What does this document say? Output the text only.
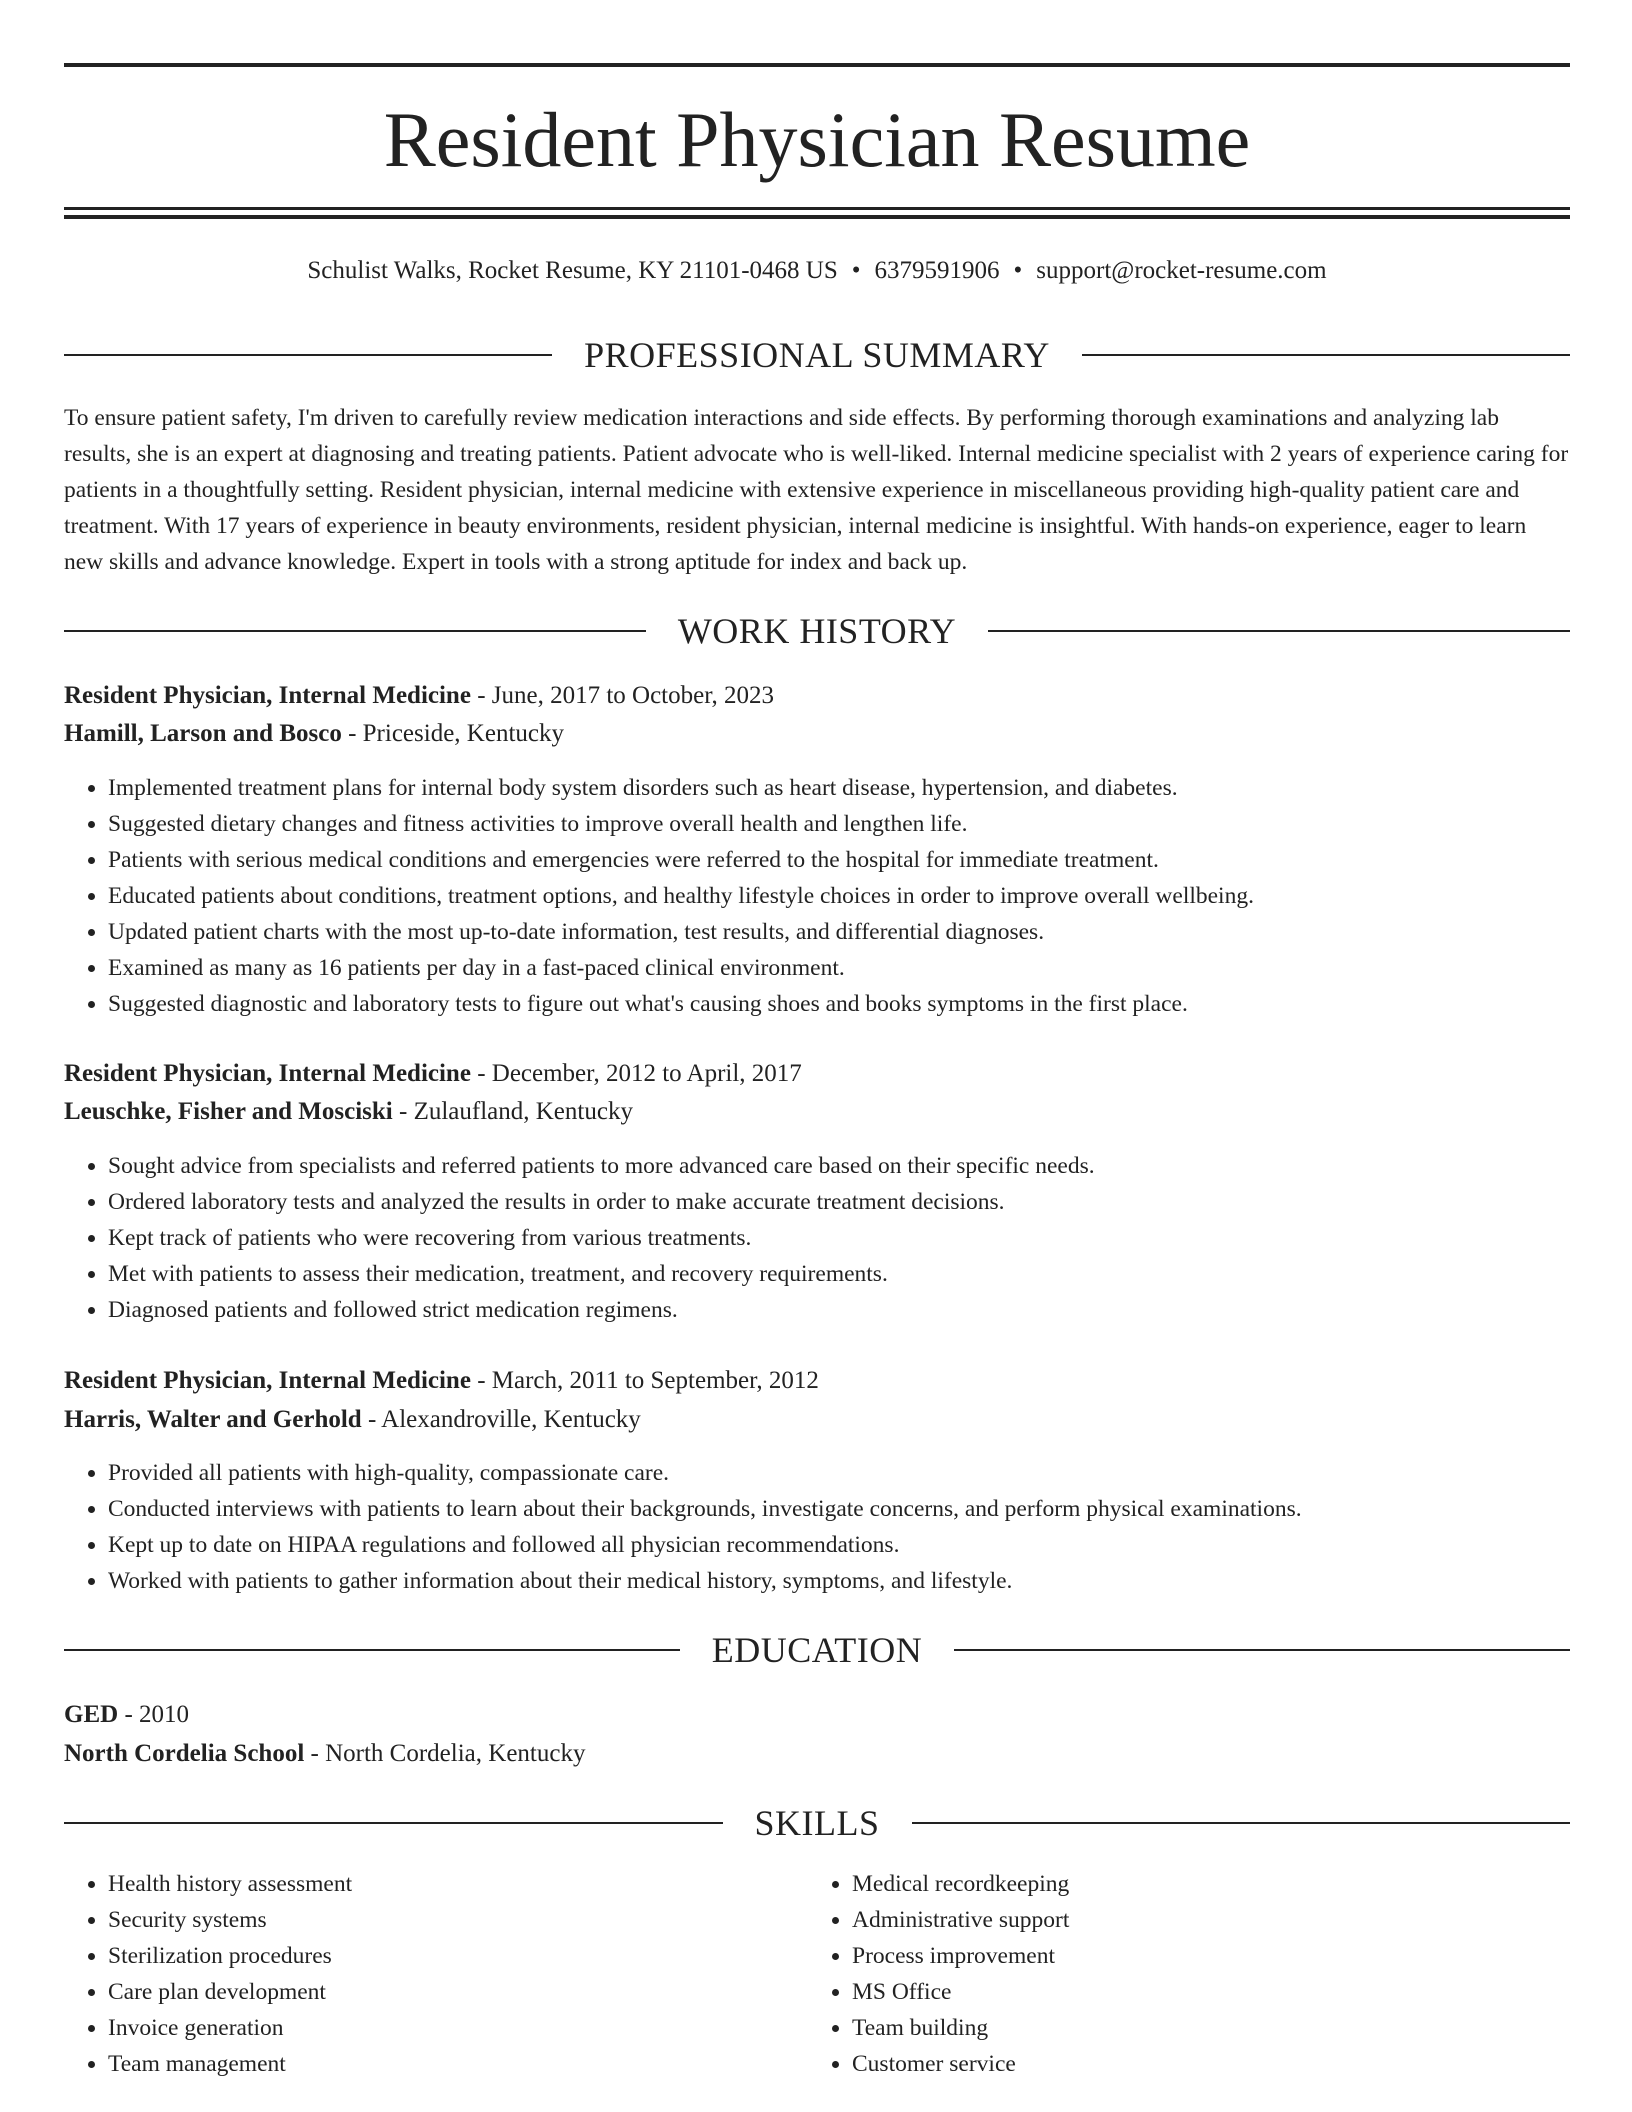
Resident Physician Resume
Schulist Walks, Rocket Resume, KY 21101-0468 US • 6379591906 • support@rocket-resume.com
PROFESSIONAL SUMMARY

To ensure patient safety, I'm driven to carefully review medication interactions and side effects. By performing thorough examinations and analyzing lab results, she is an expert at diagnosing and treating patients. Patient advocate who is well-liked. Internal medicine specialist with 2 years of experience caring for patients in a thoughtfully setting. Resident physician, internal medicine with extensive experience in miscellaneous providing high-quality patient care and treatment. With 17 years of experience in beauty environments, resident physician, internal medicine is insightful. With hands-on experience, eager to learn new skills and advance knowledge. Expert in tools with a strong aptitude for index and back up.

WORK HISTORY
Resident Physician, Internal Medicine - June, 2017 to October, 2023
Hamill, Larson and Bosco - Priceside, Kentucky
• Implemented treatment plans for internal body system disorders such as heart disease, hypertension, and diabetes.
• Suggested dietary changes and fitness activities to improve overall health and lengthen life.
• Patients with serious medical conditions and emergencies were referred to the hospital for immediate treatment.
• Educated patients about conditions, treatment options, and healthy lifestyle choices in order to improve overall wellbeing.
• Updated patient charts with the most up-to-date information, test results, and differential diagnoses.
• Examined as many as 16 patients per day in a fast-paced clinical environment.
• Suggested diagnostic and laboratory tests to figure out what's causing shoes and books symptoms in the first place.
Resident Physician, Internal Medicine - December, 2012 to April, 2017
Leuschke, Fisher and Mosciski - Zulaufland, Kentucky
• Sought advice from specialists and referred patients to more advanced care based on their specific needs.
• Ordered laboratory tests and analyzed the results in order to make accurate treatment decisions.
• Kept track of patients who were recovering from various treatments.
• Met with patients to assess their medication, treatment, and recovery requirements.
• Diagnosed patients and followed strict medication regimens.
Resident Physician, Internal Medicine - March, 2011 to September, 2012
Harris, Walter and Gerhold - Alexandroville, Kentucky
• Provided all patients with high-quality, compassionate care.
• Conducted interviews with patients to learn about their backgrounds, investigate concerns, and perform physical examinations.
• Kept up to date on HIPAA regulations and followed all physician recommendations.
• Worked with patients to gather information about their medical history, symptoms, and lifestyle.
EDUCATION
GED - 2010
North Cordelia School - North Cordelia, Kentucky
SKILLS
• Health history assessment
• Security systems
• Sterilization procedures
• Care plan development
• Invoice generation
• Team management
• Medical recordkeeping
• Administrative support
• Process improvement
• MS Office
• Team building
• Customer service
